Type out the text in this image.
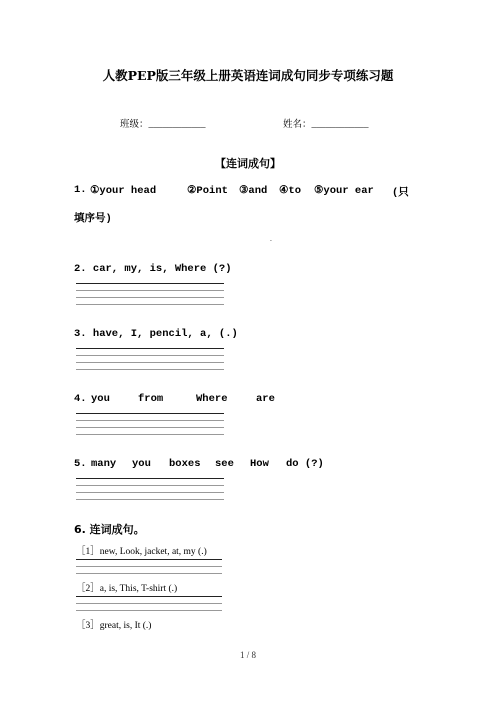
人教PEP版三年级上册英语连词成句同步专项练习题
班级：____________	姓名：____________
【连词成句】
1. ①your head	②Point ③and ④to ⑤your ear (只
填序号)
.
2. car, my, is, Where (?)
3. have, I, pencil, a, (.)
4. you	from	Where	are
5. many you boxes see How do (?)
6. 连词成句。
［1］new, Look, jacket, at, my (.)
［2］a, is, This, T-shirt (.)
［3］great, is, It (.)
1 / 8
